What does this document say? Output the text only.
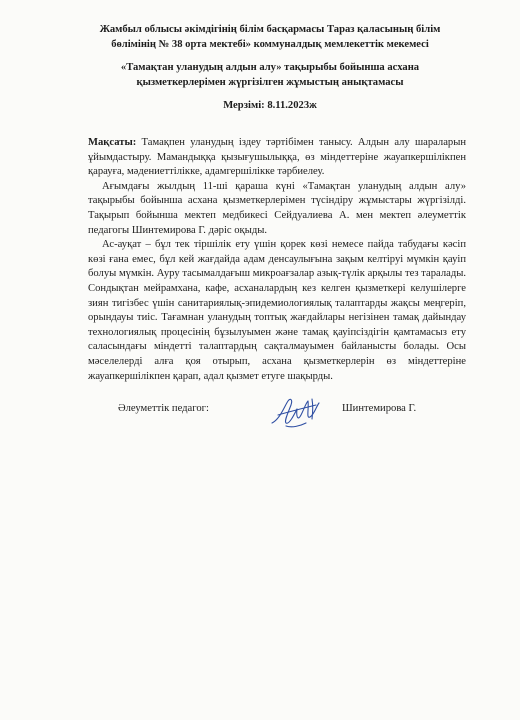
Жамбыл облысы әкімдігінің білім басқармасы Тараз қаласының білім

бөлімінің № 38 орта мектебі» коммуналдық мемлекеттік мекемесі

«Тамақтан уланудың алдын алу» тақырыбы бойынша асхана

қызметкерлерімен жүргізілген жұмыстың анықтамасы

Мерзімі: 8.11.2023ж

Мақсаты: Тамақпен уланудың іздеу тәртібімен танысу. Алдын алу шараларын ұйымдастыру. Мамандыққа қызығушылыққа, өз міндеттеріне жауапкершілікпен қарауға, мәдениеттілікке, адамгершілікке тәрбиелеу.

Ағымдағы жылдың 11-ші қараша күні «Тамақтан уланудың алдын алу» тақырыбы бойынша асхана қызметкерлерімен түсіндіру жұмыстары жүргізілді. Тақырып бойынша мектеп медбикесі Сейдуалиева А. мен мектеп әлеуметтік педагогы Шинтемирова Г. дәріс оқыды.

Ас-ауқат – бұл тек тіршілік ету үшін қорек көзі немесе пайда табудағы кәсіп көзі ғана емес, бұл кей жағдайда адам денсаулығына зақым келтіруі мүмкін қауіп болуы мүмкін. Ауру тасымалдағыш микроағзалар азық-түлік арқылы тез таралады. Сондықтан мейрамхана, кафе, асханалардың кез келген қызметкері келушілерге зиян тигізбес үшін санитариялық-эпидемиологиялық талаптарды жақсы меңгеріп, орындауы тиіс. Тағамнан уланудың топтық жағдайлары негізінен тамақ дайындау технологиялық процесінің бұзылуымен және тамақ қауіпсіздігін қамтамасыз ету саласындағы міндетті талаптардың сақталмауымен байланысты болады. Осы мәселелерді алға қоя отырып, асхана қызметкерлерін өз міндеттеріне жауапкершілікпен қарап, адал қызмет етуге шақырды.

Әлеуметтік педагог:	Шинтемирова Г.
